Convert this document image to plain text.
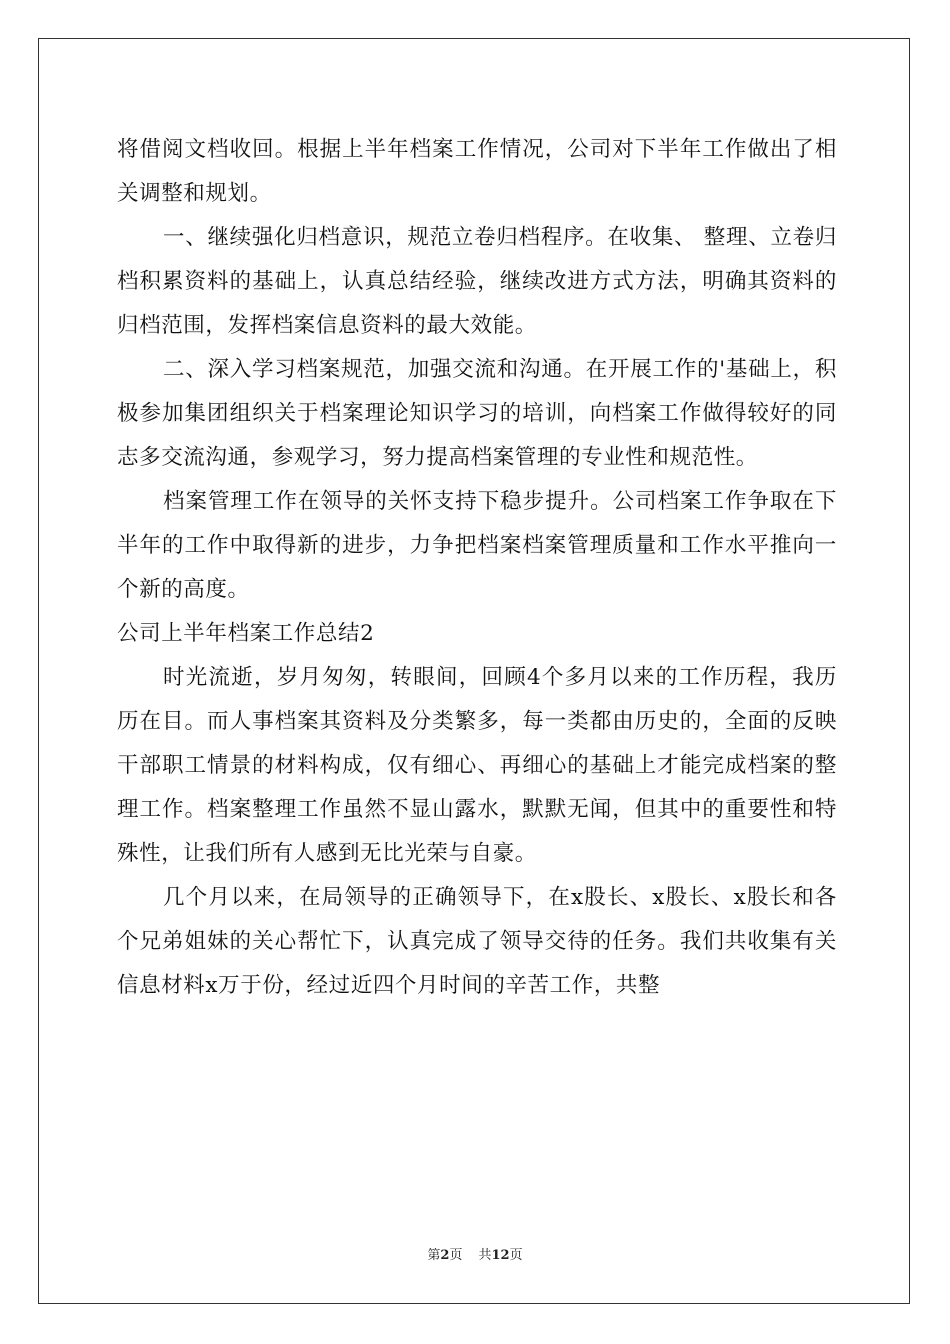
将借阅文档收回。根据上半年档案工作情况，公司对下半年工作做出了相关调整和规划。

一、继续强化归档意识，规范立卷归档程序。在收集、 整理、立卷归档积累资料的基础上，认真总结经验，继续改进方式方法，明确其资料的归档范围，发挥档案信息资料的最大效能。

二、深入学习档案规范，加强交流和沟通。在开展工作的'基础上，积极参加集团组织关于档案理论知识学习的培训，向档案工作做得较好的同志多交流沟通，参观学习，努力提高档案管理的专业性和规范性。

档案管理工作在领导的关怀支持下稳步提升。公司档案工作争取在下半年的工作中取得新的进步，力争把档案档案管理质量和工作水平推向一个新的高度。

公司上半年档案工作总结2

时光流逝，岁月匆匆，转眼间，回顾4个多月以来的工作历程，我历历在目。而人事档案其资料及分类繁多，每一类都由历史的，全面的反映干部职工情景的材料构成，仅有细心、再细心的基础上才能完成档案的整理工作。档案整理工作虽然不显山露水，默默无闻，但其中的重要性和特殊性，让我们所有人感到无比光荣与自豪。

几个月以来，在局领导的正确领导下，在x股长、x股长、x股长和各个兄弟姐妹的关心帮忙下，认真完成了领导交待的任务。我们共收集有关信息材料x万于份，经过近四个月时间的辛苦工作，共整

第2页 共12页
